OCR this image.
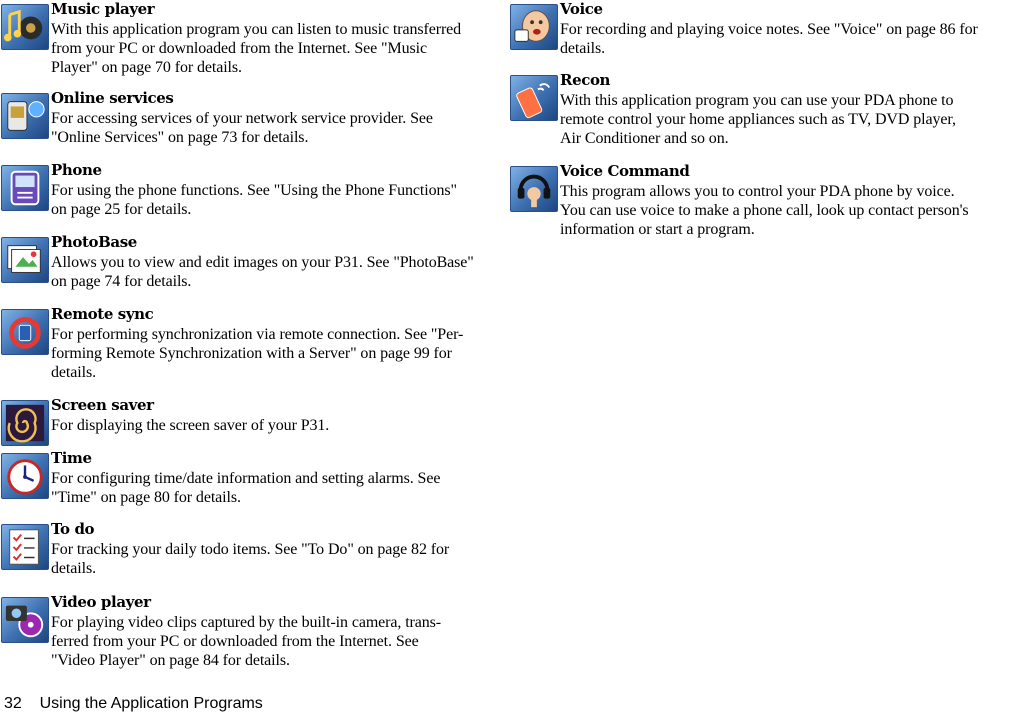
Music player
With this application program you can listen to music transferred
from your PC or downloaded from the Internet. See "Music
Player" on page 70 for details.
Online services
For accessing services of your network service provider. See
"Online Services" on page 73 for details.
Phone
For using the phone functions. See "Using the Phone Functions"
on page 25 for details.
PhotoBase
Allows you to view and edit images on your P31. See "PhotoBase"
on page 74 for details.
Remote sync
For performing synchronization via remote connection. See "Per-
forming Remote Synchronization with a Server" on page 99 for
details.
Screen saver
For displaying the screen saver of your P31.
Time
For configuring time/date information and setting alarms. See
"Time" on page 80 for details.
To do
For tracking your daily todo items. See "To Do" on page 82 for
details.
Video player
For playing video clips captured by the built-in camera, trans-
ferred from your PC or downloaded from the Internet. See
"Video Player" on page 84 for details.
Voice
For recording and playing voice notes. See "Voice" on page 86 for
details.
Recon
With this application program you can use your PDA phone to
remote control your home appliances such as TV, DVD player,
Air Conditioner and so on.
Voice Command
This program allows you to control your PDA phone by voice.
You can use voice to make a phone call, look up contact person's
information or start a program.
32 Using the Application Programs
